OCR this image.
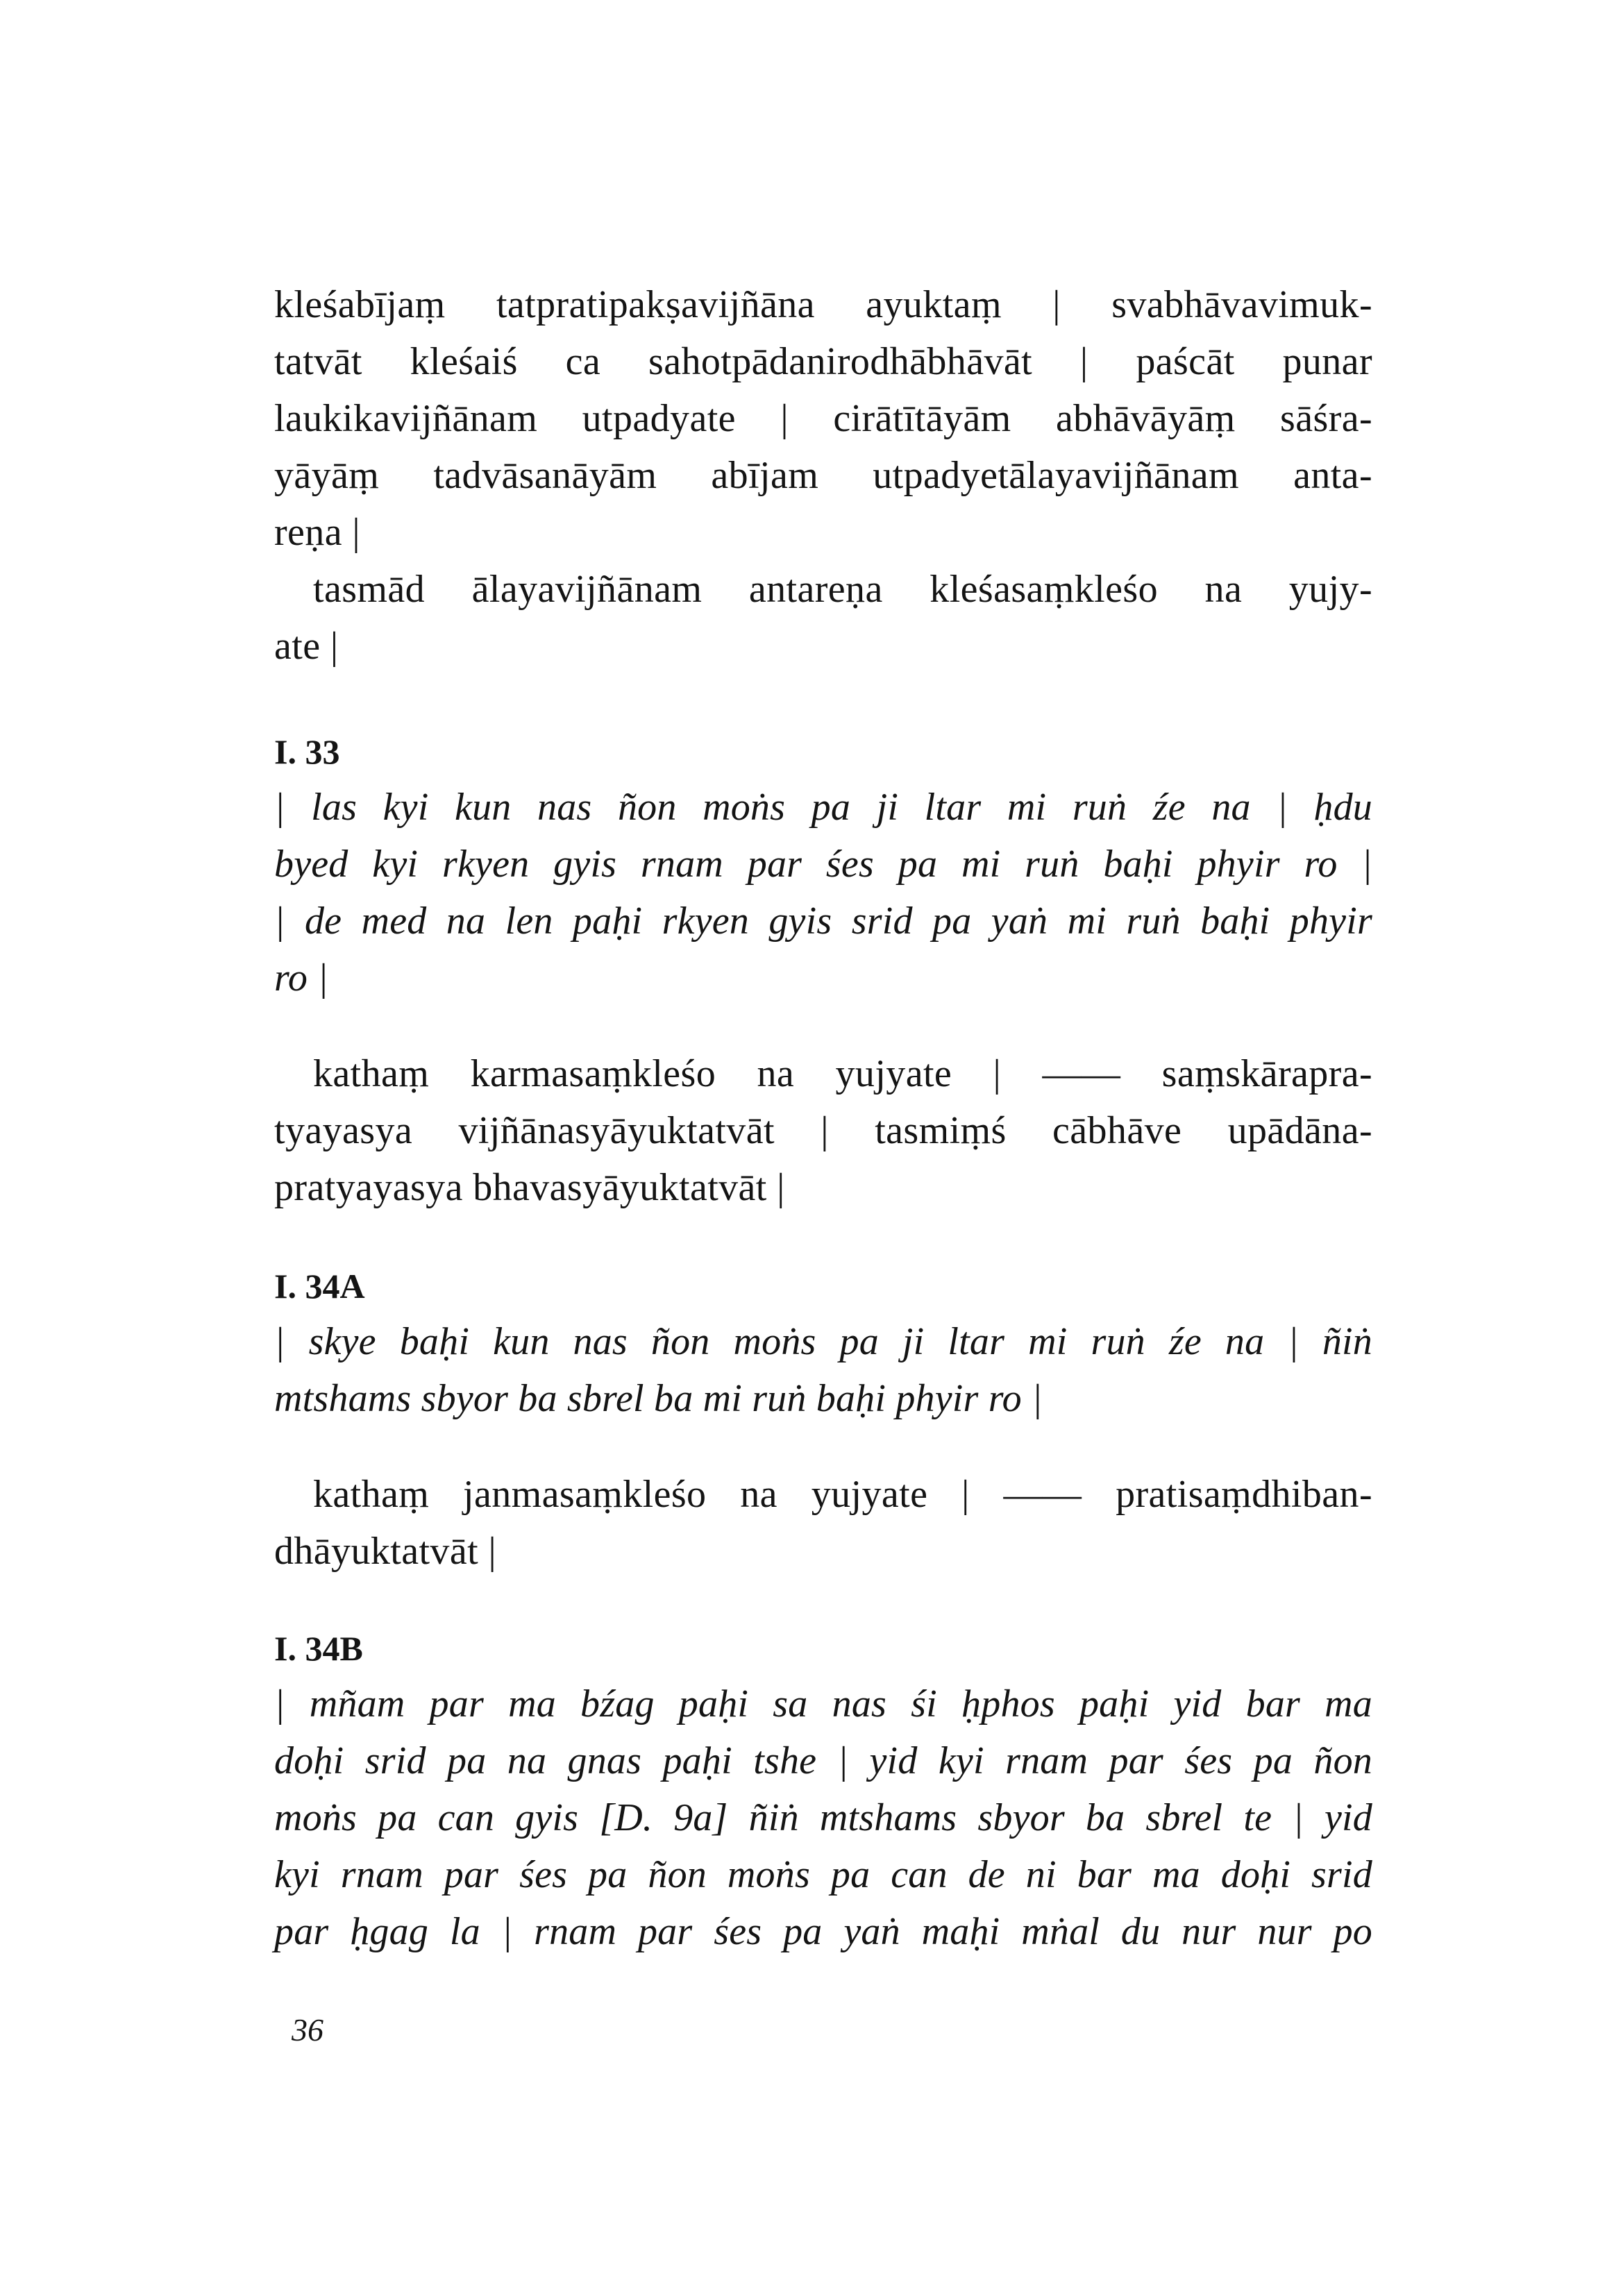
kleśabījaṃ tatpratipakṣavijñāna ayuktaṃ | svabhāvavimuk-
tatvāt kleśaiś ca sahotpādanirodhābhāvāt | paścāt punar
laukikavijñānam utpadyate | cirātītāyām abhāvāyāṃ sāśra-
yāyāṃ tadvāsanāyām abījam utpadyetālayavijñānam anta-
reṇa |
tasmād ālayavijñānam antareṇa kleśasaṃkleśo na yujy-
ate |
I. 33
| las kyi kun nas ñon moṅs pa ji ltar mi ruṅ źe na | ḥdu
byed kyi rkyen gyis rnam par śes pa mi ruṅ baḥi phyir ro |
| de med na len paḥi rkyen gyis srid pa yaṅ mi ruṅ baḥi phyir
ro |
kathaṃ karmasaṃkleśo na yujyate | —— saṃskārapra-
tyayasya vijñānasyāyuktatvāt | tasmiṃś cābhāve upādāna-
pratyayasya bhavasyāyuktatvāt |
I. 34A
| skye baḥi kun nas ñon moṅs pa ji ltar mi ruṅ źe na | ñiṅ
mtshams sbyor ba sbrel ba mi ruṅ baḥi phyir ro |
kathaṃ janmasaṃkleśo na yujyate | —— pratisaṃdhiban-
dhāyuktatvāt |
I. 34B
| mñam par ma bźag paḥi sa nas śi ḥphos paḥi yid bar ma
doḥi srid pa na gnas paḥi tshe | yid kyi rnam par śes pa ñon
moṅs pa can gyis [D. 9a] ñiṅ mtshams sbyor ba sbrel te | yid
kyi rnam par śes pa ñon moṅs pa can de ni bar ma doḥi srid
par ḥgag la | rnam par śes pa yaṅ maḥi mṅal du nur nur po
36
